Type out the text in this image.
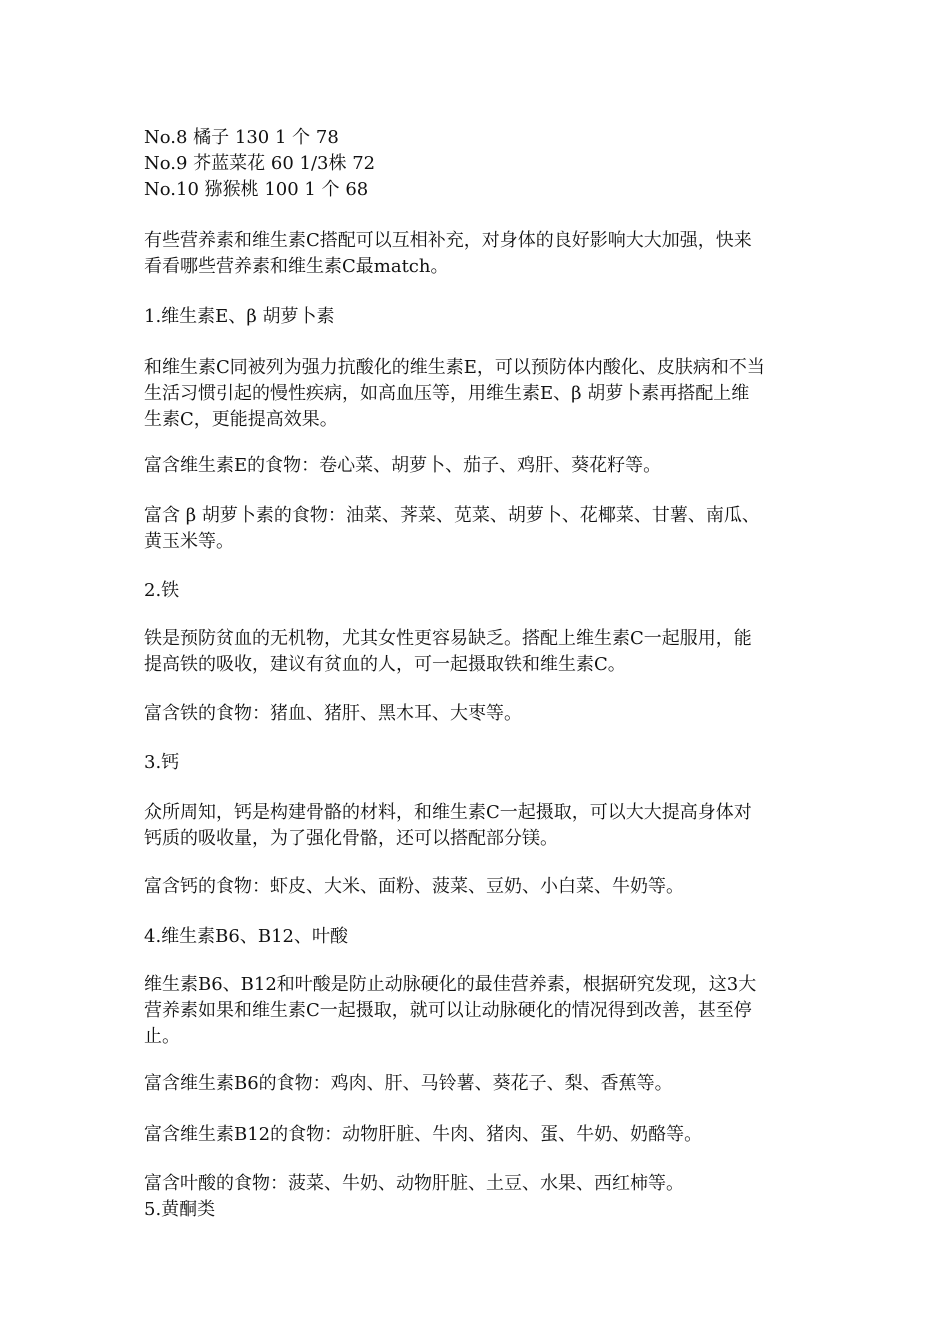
No.8 橘子 130 1 个 78
No.9 芥蓝菜花 60 1/3株 72
No.10 猕猴桃 100 1 个 68
有些营养素和维生素C搭配可以互相补充，对身体的良好影响大大加强，快来
看看哪些营养素和维生素C最match。
1.维生素E、β 胡萝卜素
和维生素C同被列为强力抗酸化的维生素E，可以预防体内酸化、皮肤病和不当
生活习惯引起的慢性疾病，如高血压等，用维生素E、β 胡萝卜素再搭配上维
生素C，更能提高效果。
富含维生素E的食物：卷心菜、胡萝卜、茄子、鸡肝、葵花籽等。
富含 β 胡萝卜素的食物：油菜、荠菜、苋菜、胡萝卜、花椰菜、甘薯、南瓜、
黄玉米等。
2.铁
铁是预防贫血的无机物，尤其女性更容易缺乏。搭配上维生素C一起服用，能
提高铁的吸收，建议有贫血的人，可一起摄取铁和维生素C。
富含铁的食物：猪血、猪肝、黑木耳、大枣等。
3.钙
众所周知，钙是构建骨骼的材料，和维生素C一起摄取，可以大大提高身体对
钙质的吸收量，为了强化骨骼，还可以搭配部分镁。
富含钙的食物：虾皮、大米、面粉、菠菜、豆奶、小白菜、牛奶等。
4.维生素B6、B12、叶酸
维生素B6、B12和叶酸是防止动脉硬化的最佳营养素，根据研究发现，这3大
营养素如果和维生素C一起摄取，就可以让动脉硬化的情况得到改善，甚至停
止。
富含维生素B6的食物：鸡肉、肝、马铃薯、葵花子、梨、香蕉等。
富含维生素B12的食物：动物肝脏、牛肉、猪肉、蛋、牛奶、奶酪等。
富含叶酸的食物：菠菜、牛奶、动物肝脏、土豆、水果、西红柿等。
5.黄酮类
